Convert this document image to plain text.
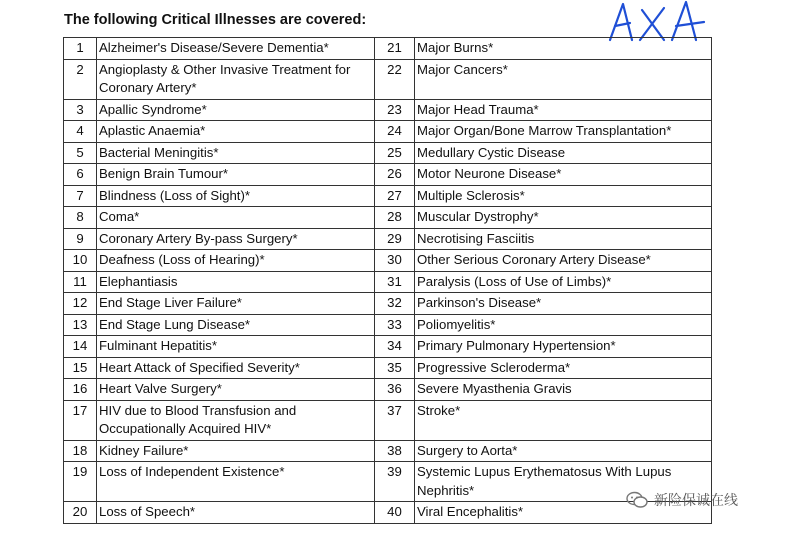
The following Critical Illnesses are covered:
1	Alzheimer's Disease/Severe Dementia*	21	Major Burns*
2	Angioplasty & Other Invasive Treatment for Coronary Artery*	22	Major Cancers*
3	Apallic Syndrome*	23	Major Head Trauma*
4	Aplastic Anaemia*	24	Major Organ/Bone Marrow Transplantation*
5	Bacterial Meningitis*	25	Medullary Cystic Disease
6	Benign Brain Tumour*	26	Motor Neurone Disease*
7	Blindness (Loss of Sight)*	27	Multiple Sclerosis*
8	Coma*	28	Muscular Dystrophy*
9	Coronary Artery By-pass Surgery*	29	Necrotising Fasciitis
10	Deafness (Loss of Hearing)*	30	Other Serious Coronary Artery Disease*
11	Elephantiasis	31	Paralysis (Loss of Use of Limbs)*
12	End Stage Liver Failure*	32	Parkinson's Disease*
13	End Stage Lung Disease*	33	Poliomyelitis*
14	Fulminant Hepatitis*	34	Primary Pulmonary Hypertension*
15	Heart Attack of Specified Severity*	35	Progressive Scleroderma*
16	Heart Valve Surgery*	36	Severe Myasthenia Gravis
17	HIV due to Blood Transfusion and Occupationally Acquired HIV*	37	Stroke*
18	Kidney Failure*	38	Surgery to Aorta*
19	Loss of Independent Existence*	39	Systemic Lupus Erythematosus With Lupus Nephritis*
20	Loss of Speech*	40	Viral Encephalitis*
新险保诚在线
